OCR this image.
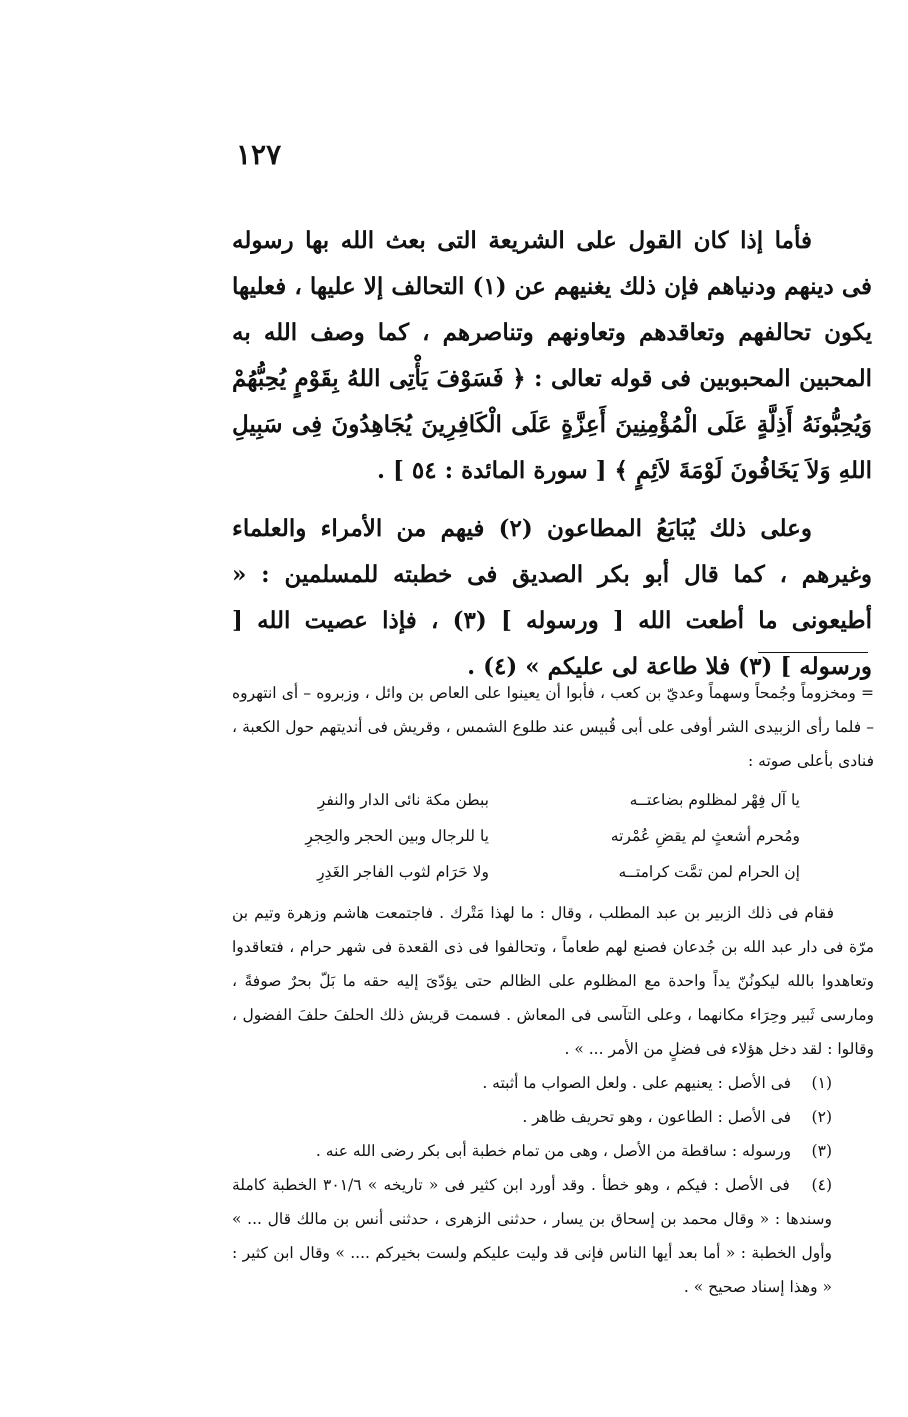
١٢٧

فأما إذا كان القول على الشريعة التى بعث الله بها رسوله فى دينهم ودنياهم فإن ذلك يغنيهم عن (١) التحالف إلا عليها ، فعليها يكون تحالفهم وتعاقدهم وتعاونهم وتناصرهم ، كما وصف الله به المحبين المحبوبين فى قوله تعالى : ﴿ فَسَوْفَ يَأْتِى اللهُ بِقَوْمٍ يُحِبُّهُمْ وَيُحِبُّونَهُ أَذِلَّةٍ عَلَى الْمُؤْمِنِينَ أَعِزَّةٍ عَلَى الْكَافِرِينَ يُجَاهِدُونَ فِى سَبِيلِ اللهِ وَلاَ يَخَافُونَ لَوْمَةَ لاَئِمٍ ﴾ [ سورة المائدة : ٥٤ ] .

وعلى ذلك يُبَايَعُ المطاعون (٢) فيهم من الأمراء والعلماء وغيرهم ، كما قال أبو بكر الصديق فى خطبته للمسلمين : « أطيعونى ما أطعت الله [ ورسوله ] (٣) ، فإذا عصيت الله [ ورسوله ] (٣) فلا طاعة لى عليكم » (٤) .

= ومخزوماً وجُمحاً وسهماً وعديّ بن كعب ، فأبوا أن يعينوا على العاص بن وائل ، وزبروه – أى انتهروه – فلما رأى الزبيدى الشر أوفى على أبى قُبيس عند طلوع الشمس ، وقريش فى أنديتهم حول الكعبة ، فنادى بأعلى صوته :

يا آل فِهْر لمظلوم بضاعتــه
ببطن مكة نائى الدار والنفرِ
ومُحرم أشعثٍ لم يقضِ عُمْرته
يا للرجال وبين الحجر والحِجرِ
إن الحرام لمن تمَّت كرامتــه
ولا حَرَام لثوب الفاجر الغَدِرِ

فقام فى ذلك الزبير بن عبد المطلب ، وقال : ما لهذا مَتْرك . فاجتمعت هاشم وزهرة وتيم بن مرّة فى دار عبد الله بن جُدعان فصنع لهم طعاماً ، وتحالفوا فى ذى القعدة فى شهر حرام ، فتعاقدوا وتعاهدوا بالله ليكونُنّ يداً واحدة مع المظلوم على الظالم حتى يؤدّىَ إليه حقه ما بَلّ بحرٌ صوفةً ، ومارسى ثَبير وحِرَاء مكانهما ، وعلى التآسى فى المعاش . فسمت قريش ذلك الحلفَ حلفَ الفضول ، وقالوا : لقد دخل هؤلاء فى فضلٍ من الأمر ... » .

(١) فى الأصل : يعنيهم على . ولعل الصواب ما أثبته .

(٢) فى الأصل : الطاعون ، وهو تحريف ظاهر .

(٣) ورسوله : ساقطة من الأصل ، وهى من تمام خطبة أبى بكر رضى الله عنه .

(٤) فى الأصل : فيكم ، وهو خطأ . وقد أورد ابن كثير فى « تاريخه » ٣٠١/٦ الخطبة كاملة وسندها : « وقال محمد بن إسحاق بن يسار ، حدثنى الزهرى ، حدثنى أنس بن مالك قال ... » وأول الخطبة : « أما بعد أيها الناس فإنى قد وليت عليكم ولست بخيركم .... » وقال ابن كثير : « وهذا إسناد صحيح » .
